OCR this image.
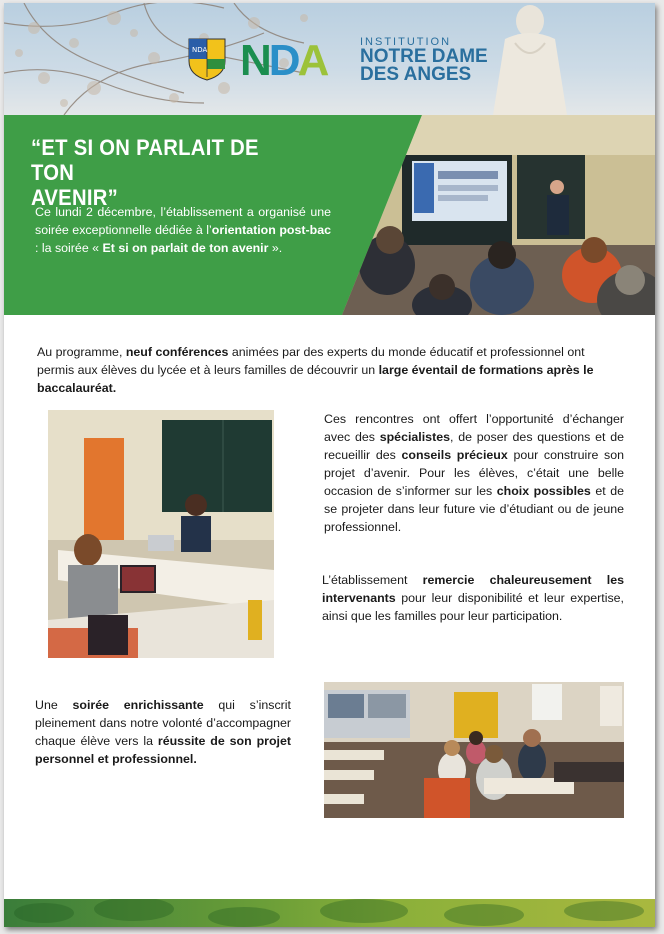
NDA NDA	INSTITUTION
NOTRE DAME
DES ANGES
“ET SI ON PARLAIT DE TON
AVENIR”
Ce lundi 2 décembre, l’établissement a organisé une soirée exceptionnelle dédiée à l’orientation post-bac : la soirée « Et si on parlait de ton avenir ».
Au programme, neuf conférences animées par des experts du monde éducatif et professionnel ont permis aux élèves du lycée et à leurs familles de découvrir un large éventail de formations après le baccalauréat.
Ces rencontres ont offert l’opportunité d’échanger avec des spécialistes, de poser des questions et de recueillir des conseils précieux pour construire son projet d’avenir. Pour les élèves, c’était une belle occasion de s’informer sur les choix possibles et de se projeter dans leur future vie d’étudiant ou de jeune professionnel.
L’établissement remercie chaleureusement les intervenants pour leur disponibilité et leur expertise, ainsi que les familles pour leur participation.
Une soirée enrichissante qui s’inscrit pleinement dans notre volonté d’accompagner chaque élève vers la réussite de son projet personnel et professionnel.
